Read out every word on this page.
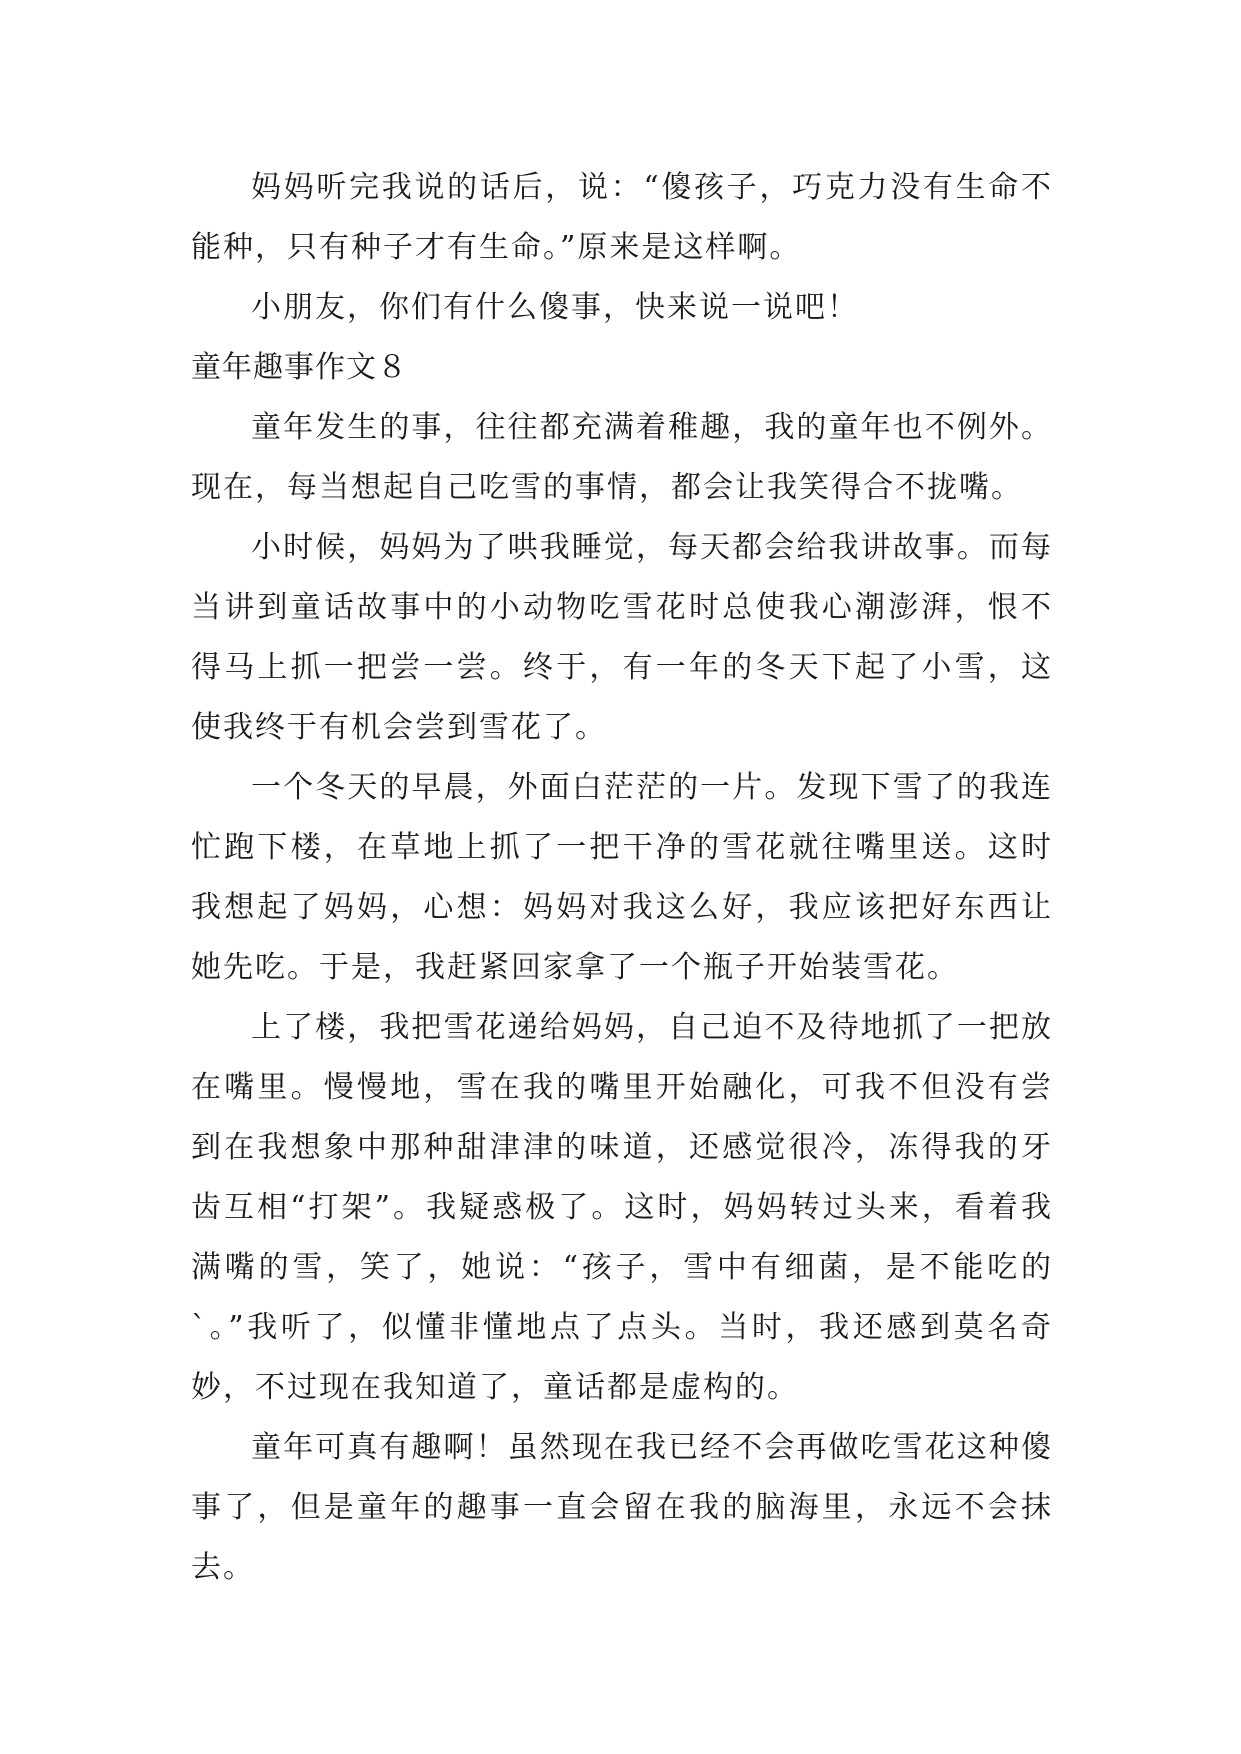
妈妈听完我说的话后，说：“傻孩子，巧克力没有生命不能种，只有种子才有生命。”原来是这样啊。

小朋友，你们有什么傻事，快来说一说吧！

童年趣事作文８

童年发生的事，往往都充满着稚趣，我的童年也不例外。现在，每当想起自己吃雪的事情，都会让我笑得合不拢嘴。

小时候，妈妈为了哄我睡觉，每天都会给我讲故事。而每当讲到童话故事中的小动物吃雪花时总使我心潮澎湃，恨不得马上抓一把尝一尝。终于，有一年的冬天下起了小雪，这使我终于有机会尝到雪花了。

一个冬天的早晨，外面白茫茫的一片。发现下雪了的我连忙跑下楼，在草地上抓了一把干净的雪花就往嘴里送。这时我想起了妈妈，心想：妈妈对我这么好，我应该把好东西让她先吃。于是，我赶紧回家拿了一个瓶子开始装雪花。

上了楼，我把雪花递给妈妈，自己迫不及待地抓了一把放在嘴里。慢慢地，雪在我的嘴里开始融化，可我不但没有尝到在我想象中那种甜津津的味道，还感觉很冷，冻得我的牙齿互相“打架”。我疑惑极了。这时，妈妈转过头来，看着我满嘴的雪，笑了，她说：“孩子，雪中有细菌，是不能吃的`。”我听了，似懂非懂地点了点头。当时，我还感到莫名奇妙，不过现在我知道了，童话都是虚构的。

童年可真有趣啊！虽然现在我已经不会再做吃雪花这种傻事了，但是童年的趣事一直会留在我的脑海里，永远不会抹去。
